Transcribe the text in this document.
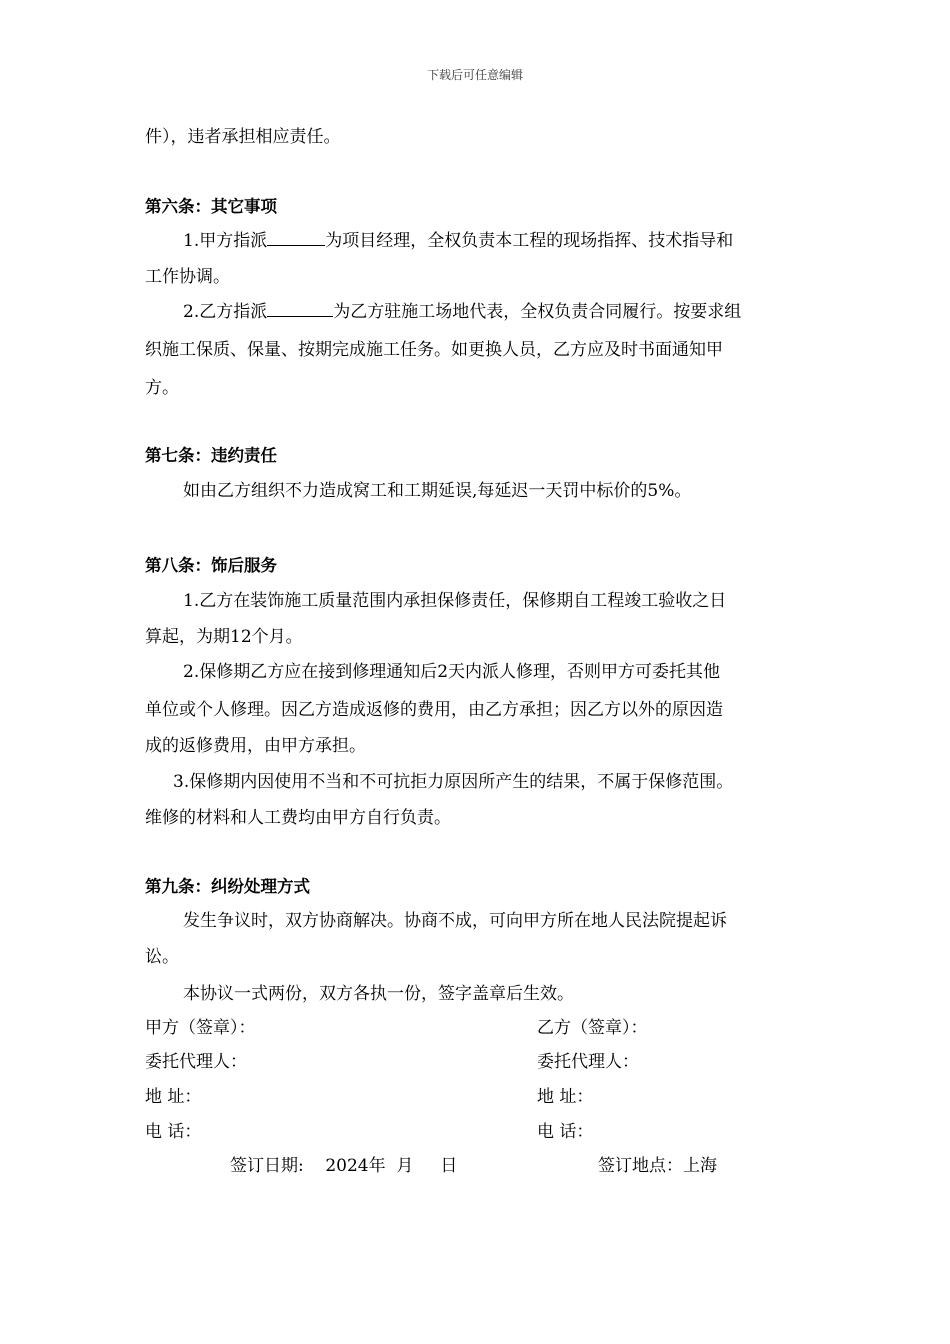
下载后可任意编辑
件），违者承担相应责任。
第六条：其它事项
1.甲方指派	为项目经理，全权负责本工程的现场指挥、技术指导和
工作协调。
2.乙方指派	为乙方驻施工场地代表，全权负责合同履行。按要求组
织施工保质、保量、按期完成施工任务。如更换人员，乙方应及时书面通知甲
方。
第七条：违约责任
如由乙方组织不力造成窝工和工期延误,每延迟一天罚中标价的5%。
第八条：饰后服务
1.乙方在装饰施工质量范围内承担保修责任，保修期自工程竣工验收之日
算起，为期12个月。
2.保修期乙方应在接到修理通知后2天内派人修理，否则甲方可委托其他
单位或个人修理。因乙方造成返修的费用，由乙方承担；因乙方以外的原因造
成的返修费用，由甲方承担。
3.保修期内因使用不当和不可抗拒力原因所产生的结果，不属于保修范围。
维修的材料和人工费均由甲方自行负责。
第九条：纠纷处理方式
发生争议时，双方协商解决。协商不成，可向甲方所在地人民法院提起诉
讼。
本协议一式两份，双方各执一份，签字盖章后生效。
甲方（签章）：	乙方（签章）：
委托代理人：	委托代理人：
地 址：	地 址：
电 话：	电 话：
签订日期:    2024年  月     日	签订地点：上海
